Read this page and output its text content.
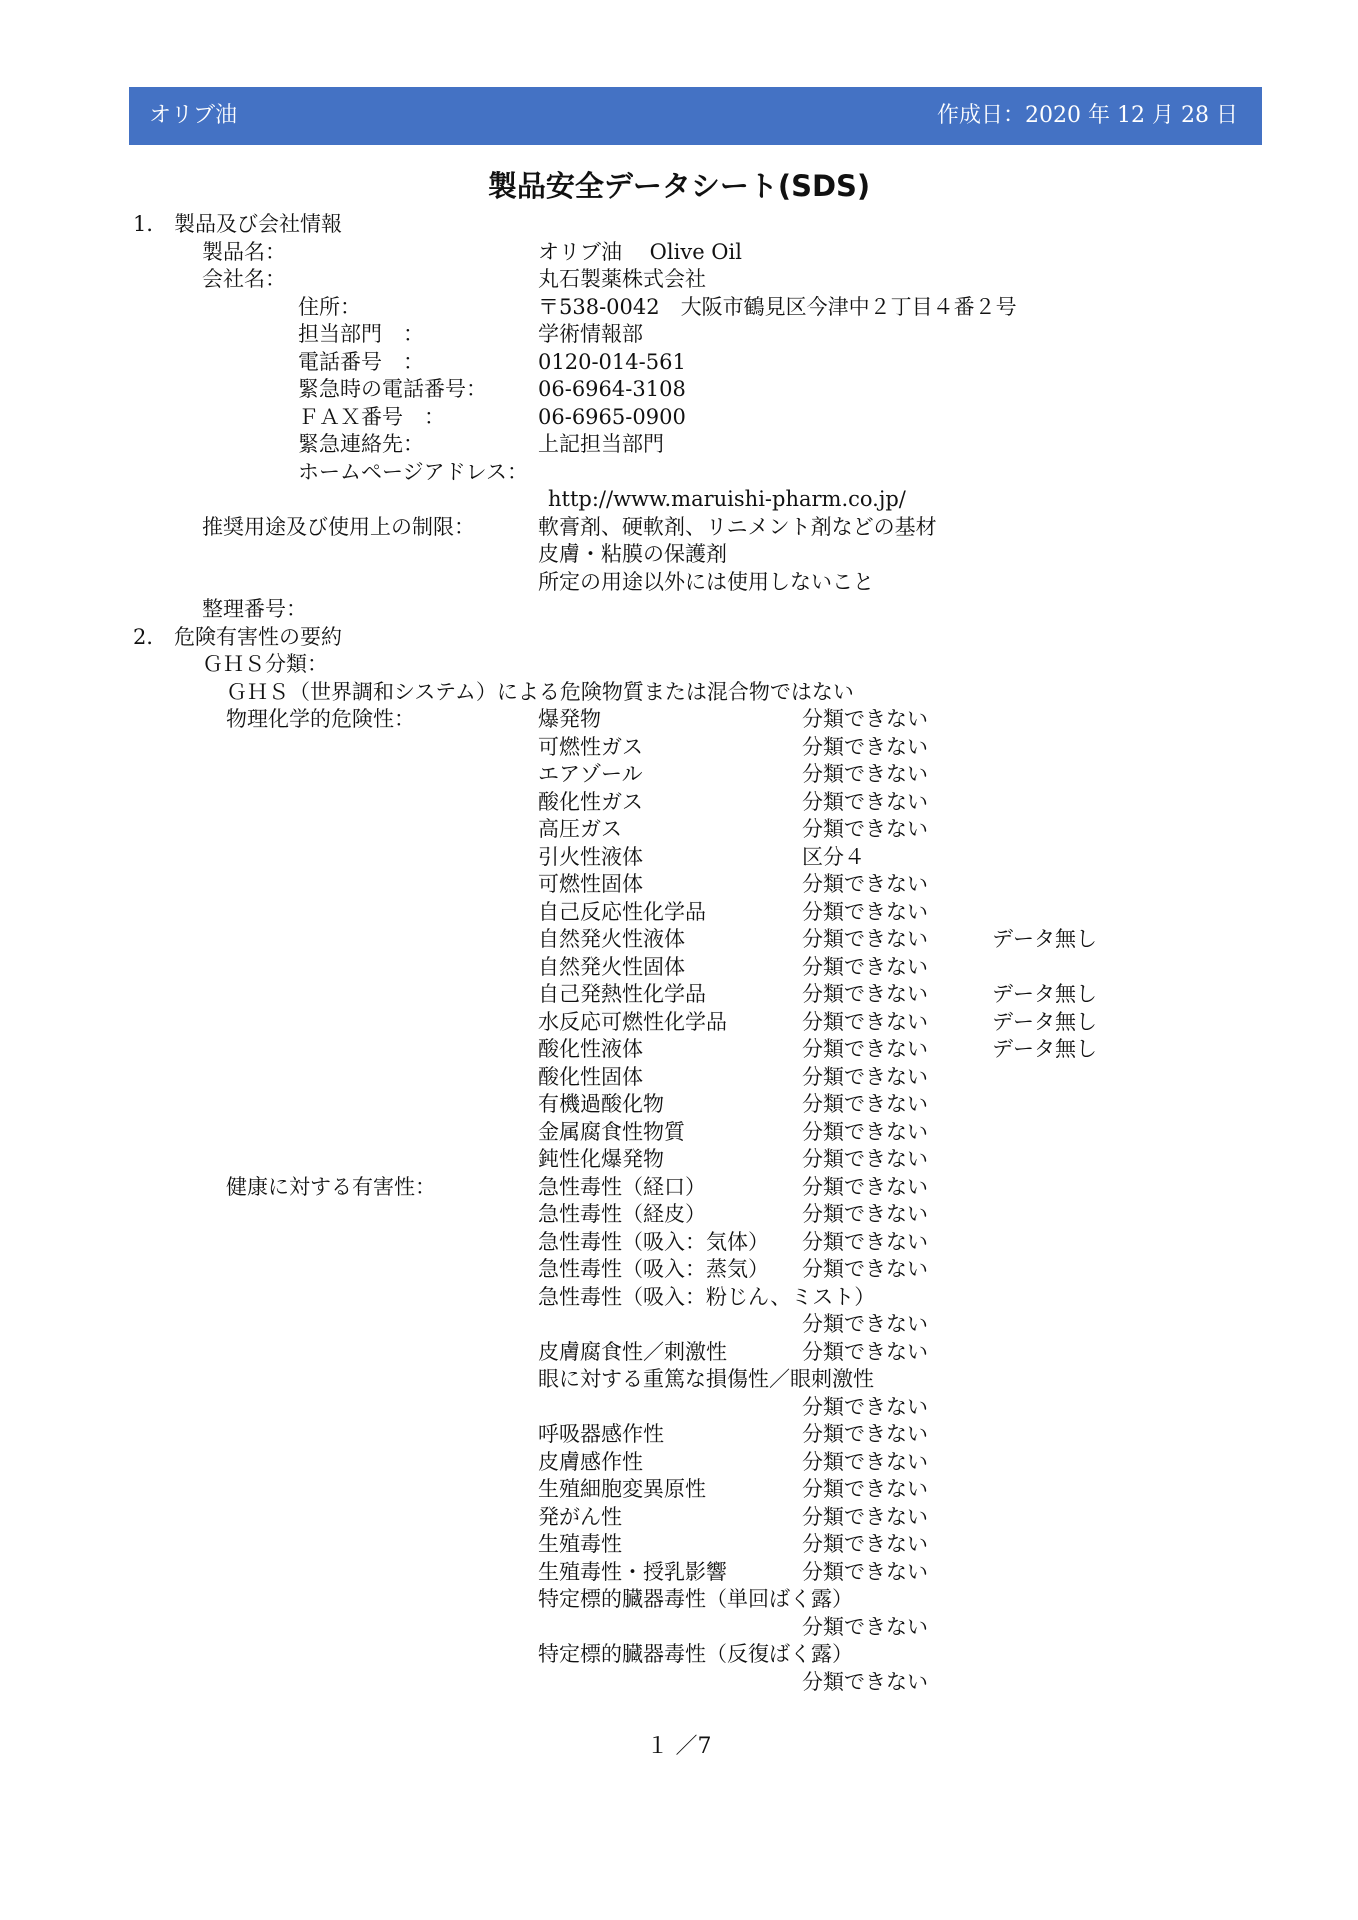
オリブ油	作成日：2020 年 12 月 28 日
製品安全データシート(SDS)
1． 製品及び会社情報
製品名：	オリブ油　 Olive Oil
会社名：	丸石製薬株式会社
住所：	〒538-0042　大阪市鶴見区今津中２丁目４番２号
担当部門　：	学術情報部
電話番号　：	0120-014-561
緊急時の電話番号： 06-6964-3108
ＦＡＸ番号　：	06-6965-0900
緊急連絡先：	上記担当部門
ホームページアドレス：
http://www.maruishi-pharm.co.jp/
推奨用途及び使用上の制限：	軟膏剤、硬軟剤、リニメント剤などの基材
皮膚・粘膜の保護剤
所定の用途以外には使用しないこと
整理番号：
2． 危険有害性の要約
ＧＨＳ分類：
ＧＨＳ（世界調和システム）による危険物質または混合物ではない
物理化学的危険性：	爆発物	分類できない
可燃性ガス	分類できない
エアゾール	分類できない
酸化性ガス	分類できない
高圧ガス	分類できない
引火性液体	区分４
可燃性固体	分類できない
自己反応性化学品	分類できない
自然発火性液体	分類できない	データ無し
自然発火性固体	分類できない
自己発熱性化学品	分類できない	データ無し
水反応可燃性化学品	分類できない	データ無し
酸化性液体	分類できない	データ無し
酸化性固体	分類できない
有機過酸化物	分類できない
金属腐食性物質	分類できない
鈍性化爆発物	分類できない
健康に対する有害性：	急性毒性（経口）	分類できない
急性毒性（経皮）	分類できない
急性毒性（吸入：気体） 分類できない
急性毒性（吸入：蒸気） 分類できない
急性毒性（吸入：粉じん、ミスト）
分類できない
皮膚腐食性／刺激性	分類できない
眼に対する重篤な損傷性／眼刺激性
分類できない
呼吸器感作性	分類できない
皮膚感作性	分類できない
生殖細胞変異原性	分類できない
発がん性	分類できない
生殖毒性	分類できない
生殖毒性・授乳影響	分類できない
特定標的臓器毒性（単回ばく露）
分類できない
特定標的臓器毒性（反復ばく露）
分類できない
１ ／7
